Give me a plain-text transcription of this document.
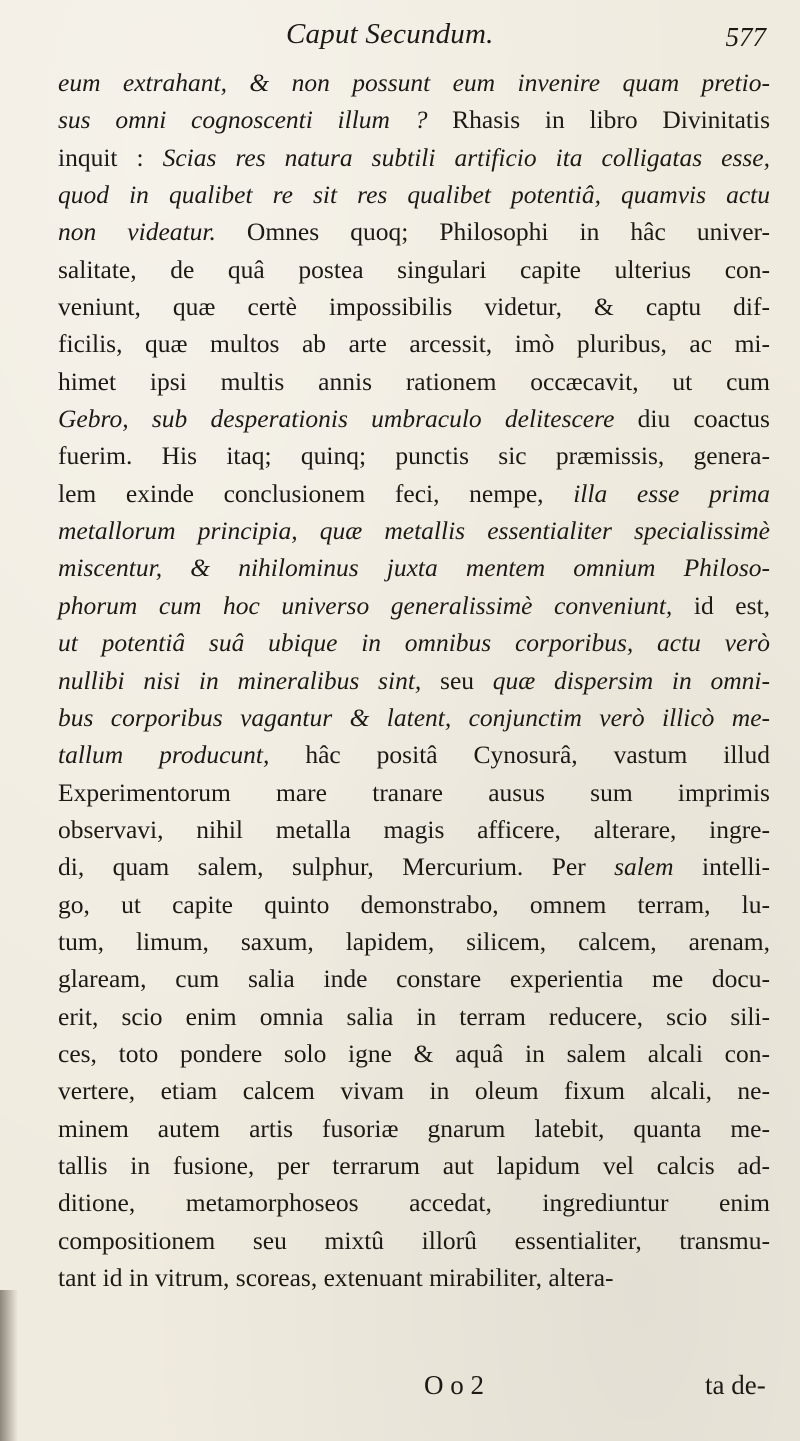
Caput Secundum.	577
eum extrahant, & non possunt eum invenire quam pretio-
sus omni cognoscenti illum ? Rhasis in libro Divinitatis
inquit : Scias res natura subtili artificio ita colligatas esse,
quod in qualibet re sit res qualibet potentiâ, quamvis actu
non videatur. Omnes quoq; Philosophi in hâc univer-
salitate, de quâ postea singulari capite ulterius con-
veniunt, quæ certè impossibilis videtur, & captu dif-
ficilis, quæ multos ab arte arcessit, imò pluribus, ac mi-
himet ipsi multis annis rationem occæcavit, ut cum
Gebro, sub desperationis umbraculo delitescere diu coactus
fuerim. His itaq; quinq; punctis sic præmissis, genera-
lem exinde conclusionem feci, nempe, illa esse prima
metallorum principia, quæ metallis essentialiter specialissimè
miscentur, & nihilominus juxta mentem omnium Philoso-
phorum cum hoc universo generalissimè conveniunt, id est,
ut potentiâ suâ ubique in omnibus corporibus, actu verò
nullibi nisi in mineralibus sint, seu quæ dispersim in omni-
bus corporibus vagantur & latent, conjunctim verò illicò me-
tallum producunt, hâc positâ Cynosurâ, vastum illud
Experimentorum mare tranare ausus sum imprimis
observavi, nihil metalla magis afficere, alterare, ingre-
di, quam salem, sulphur, Mercurium. Per salem intelli-
go, ut capite quinto demonstrabo, omnem terram, lu-
tum, limum, saxum, lapidem, silicem, calcem, arenam,
glaream, cum salia inde constare experientia me docu-
erit, scio enim omnia salia in terram reducere, scio sili-
ces, toto pondere solo igne & aquâ in salem alcali con-
vertere, etiam calcem vivam in oleum fixum alcali, ne-
minem autem artis fusoriæ gnarum latebit, quanta me-
tallis in fusione, per terrarum aut lapidum vel calcis ad-
ditione, metamorphoseos accedat, ingrediuntur enim
compositionem seu mixtû illorû essentialiter, transmu-
tant id in vitrum, scoreas, extenuant mirabiliter, altera-
O o 2	ta de-
